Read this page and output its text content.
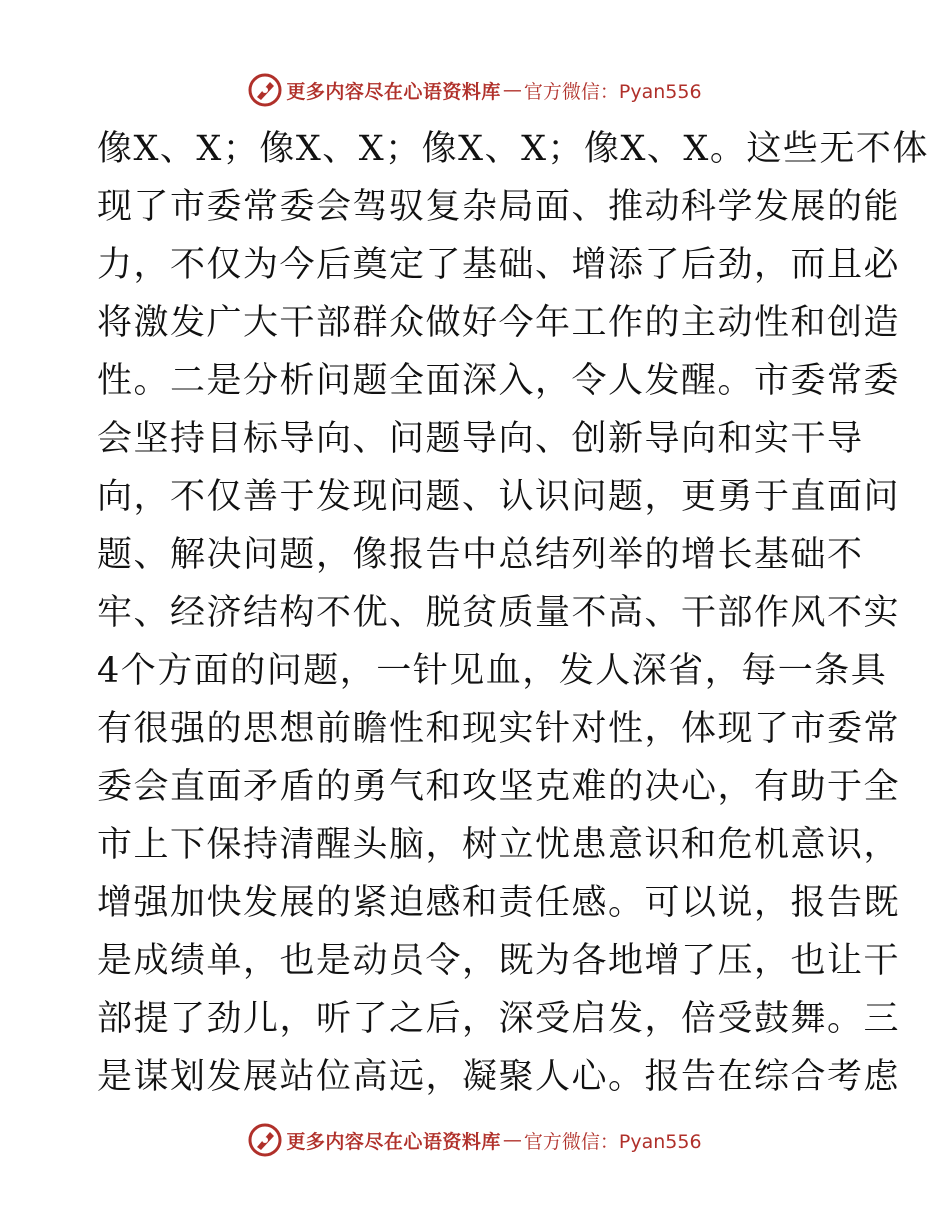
更多内容尽在心语资料库 — 官方微信：Pyan556
像X、X；像X、X；像X、X；像X、X。这些无不体
现了市委常委会驾驭复杂局面、推动科学发展的能
力，不仅为今后奠定了基础、增添了后劲，而且必
将激发广大干部群众做好今年工作的主动性和创造
性。二是分析问题全面深入，令人发醒。市委常委
会坚持目标导向、问题导向、创新导向和实干导
向，不仅善于发现问题、认识问题，更勇于直面问
题、解决问题，像报告中总结列举的增长基础不
牢、经济结构不优、脱贫质量不高、干部作风不实
4个方面的问题，一针见血，发人深省，每一条具
有很强的思想前瞻性和现实针对性，体现了市委常
委会直面矛盾的勇气和攻坚克难的决心，有助于全
市上下保持清醒头脑，树立忧患意识和危机意识，
增强加快发展的紧迫感和责任感。可以说，报告既
是成绩单，也是动员令，既为各地增了压，也让干
部提了劲儿，听了之后，深受启发，倍受鼓舞。三
是谋划发展站位高远，凝聚人心。报告在综合考虑
更多内容尽在心语资料库 — 官方微信：Pyan556
